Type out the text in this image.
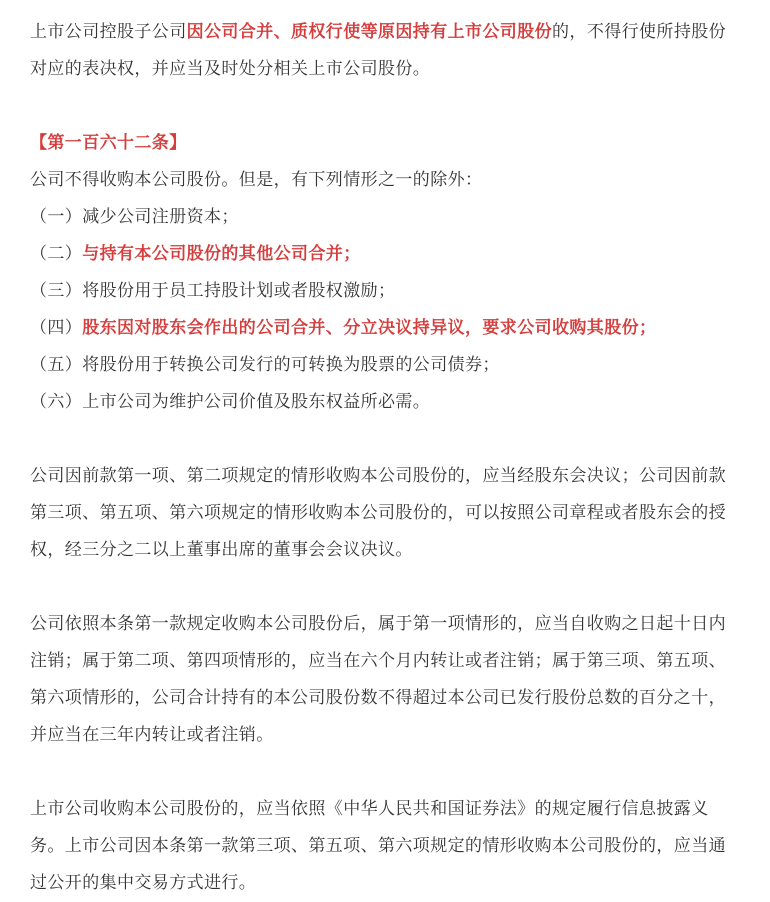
上市公司控股子公司因公司合并、质权行使等原因持有上市公司股份的，不得行使所持股份对应的表决权，并应当及时处分相关上市公司股份。

【第一百六十二条】

公司不得收购本公司股份。但是，有下列情形之一的除外：

（一）减少公司注册资本；

（二）与持有本公司股份的其他公司合并；

（三）将股份用于员工持股计划或者股权激励；

（四）股东因对股东会作出的公司合并、分立决议持异议，要求公司收购其股份；

（五）将股份用于转换公司发行的可转换为股票的公司债券；

（六）上市公司为维护公司价值及股东权益所必需。

公司因前款第一项、第二项规定的情形收购本公司股份的，应当经股东会决议；公司因前款第三项、第五项、第六项规定的情形收购本公司股份的，可以按照公司章程或者股东会的授权，经三分之二以上董事出席的董事会会议决议。

公司依照本条第一款规定收购本公司股份后，属于第一项情形的，应当自收购之日起十日内注销；属于第二项、第四项情形的，应当在六个月内转让或者注销；属于第三项、第五项、第六项情形的，公司合计持有的本公司股份数不得超过本公司已发行股份总数的百分之十，并应当在三年内转让或者注销。

上市公司收购本公司股份的，应当依照《中华人民共和国证券法》的规定履行信息披露义务。上市公司因本条第一款第三项、第五项、第六项规定的情形收购本公司股份的，应当通过公开的集中交易方式进行。
